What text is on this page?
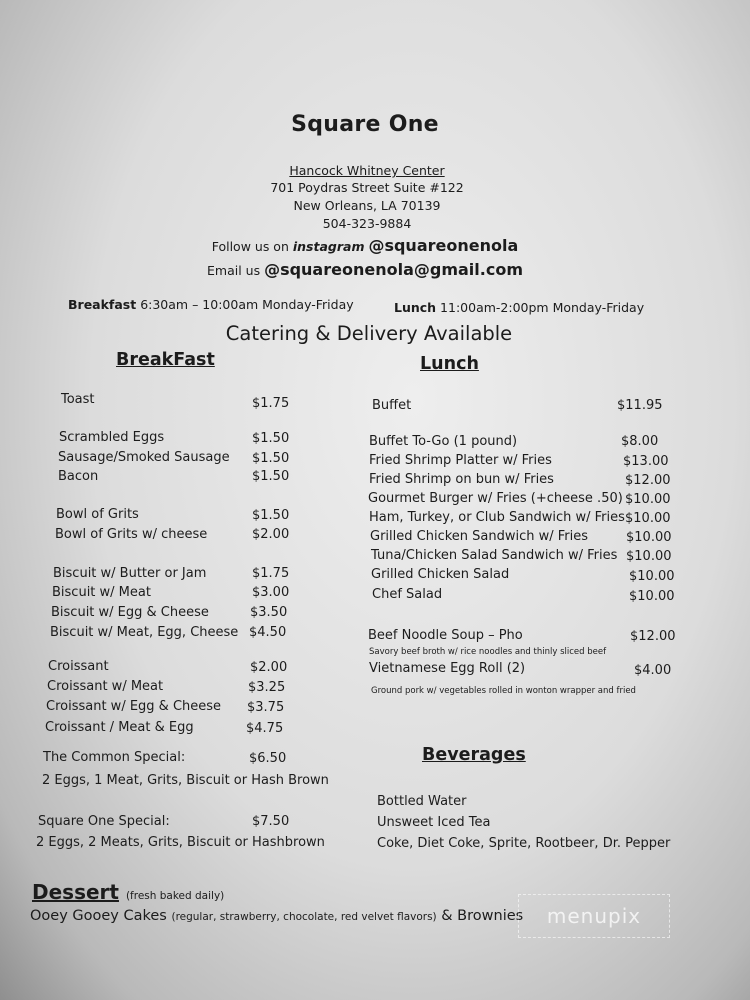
Square One
Hancock Whitney Center
701 Poydras Street Suite #122
New Orleans, LA 70139
504-323-9884
Follow us on instagram @squareonenola
Email us @squareonenola@gmail.com
Breakfast 6:30am – 10:00am Monday-Friday	Lunch 11:00am-2:00pm Monday-Friday
Catering & Delivery Available
BreakFast
Toast	$1.75
Scrambled Eggs	$1.50
Sausage/Smoked Sausage $1.50
Bacon	$1.50
Bowl of Grits	$1.50
Bowl of Grits w/ cheese	$2.00
Biscuit w/ Butter or Jam	$1.75
Biscuit w/ Meat	$3.00
Biscuit w/ Egg & Cheese	$3.50
Biscuit w/ Meat, Egg, Cheese $4.50
Croissant	$2.00
Croissant w/ Meat	$3.25
Croissant w/ Egg & Cheese $3.75
Croissant / Meat & Egg	$4.75
The Common Special:	$6.50
2 Eggs, 1 Meat, Grits, Biscuit or Hash Brown
Square One Special:	$7.50
2 Eggs, 2 Meats, Grits, Biscuit or Hashbrown
Lunch
Buffet	$11.95
Buffet To-Go (1 pound)	$8.00
Fried Shrimp Platter w/ Fries	$13.00
Fried Shrimp on bun w/ Fries	$12.00
Gourmet Burger w/ Fries (+cheese .50) $10.00
Ham, Turkey, or Club Sandwich w/ Fries $10.00
Grilled Chicken Sandwich w/ Fries	$10.00
Tuna/Chicken Salad Sandwich w/ Fries $10.00
Grilled Chicken Salad	$10.00
Chef Salad	$10.00
Beef Noodle Soup – Pho	$12.00
Savory beef broth w/ rice noodles and thinly sliced beef
Vietnamese Egg Roll (2)	$4.00
Ground pork w/ vegetables rolled in wonton wrapper and fried
Beverages
Bottled Water
Unsweet Iced Tea
Coke, Diet Coke, Sprite, Rootbeer, Dr. Pepper
Dessert (fresh baked daily)
Ooey Gooey Cakes (regular, strawberry, chocolate, red velvet flavors) & Brownies	menupix
